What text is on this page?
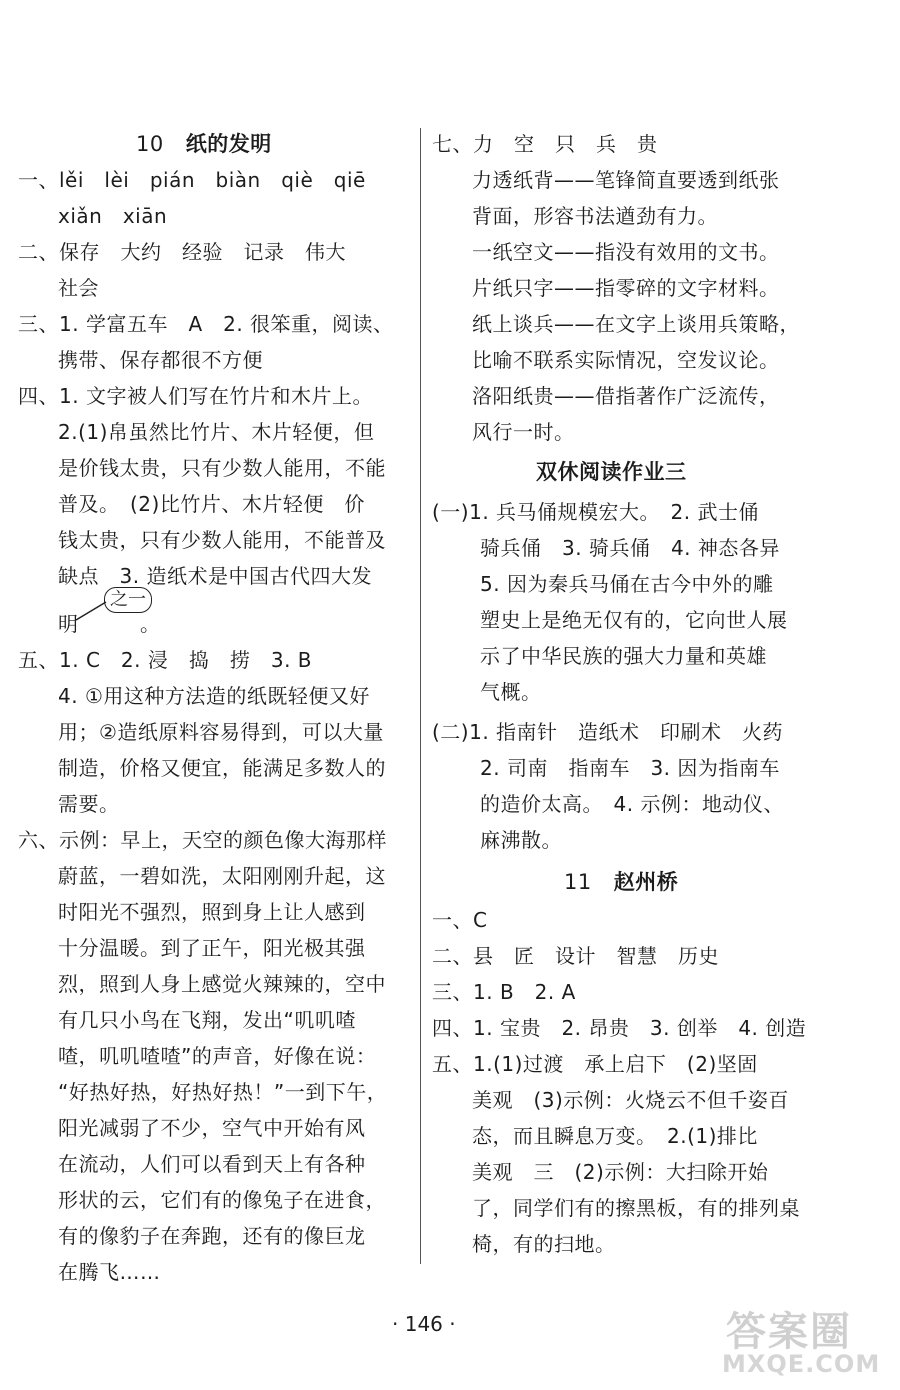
10 纸的发明
一、lěi　lèi　pián　biàn　qiè　qiē
xiǎn　xiān
二、保存　大约　经验　记录　伟大
社会
三、1. 学富五车　A　2. 很笨重，阅读、
携带、保存都很不方便
四、1. 文字被人们写在竹片和木片上。
2.(1)帛虽然比竹片、木片轻便，但
是价钱太贵，只有少数人能用，不能
普及。　(2)比竹片、木片轻便　价
钱太贵，只有少数人能用，不能普及
缺点　3. 造纸术是中国古代四大发
明　　　。
五、1. C　2. 浸　捣　捞　3. B
4. ①用这种方法造的纸既轻便又好
用；②造纸原料容易得到，可以大量
制造，价格又便宜，能满足多数人的
需要。
六、示例：早上，天空的颜色像大海那样
蔚蓝，一碧如洗，太阳刚刚升起，这
时阳光不强烈，照到身上让人感到
十分温暖。到了正午，阳光极其强
烈，照到人身上感觉火辣辣的，空中
有几只小鸟在飞翔，发出“叽叽喳
喳，叽叽喳喳”的声音，好像在说：
“好热好热，好热好热！”一到下午，
阳光减弱了不少，空气中开始有风
在流动，人们可以看到天上有各种
形状的云，它们有的像兔子在进食，
有的像豹子在奔跑，还有的像巨龙
在腾飞……
之一
七、力　空　只　兵　贵
力透纸背——笔锋简直要透到纸张
背面，形容书法遒劲有力。
一纸空文——指没有效用的文书。
片纸只字——指零碎的文字材料。
纸上谈兵——在文字上谈用兵策略，
比喻不联系实际情况，空发议论。
洛阳纸贵——借指著作广泛流传，
风行一时。
双休阅读作业三
(一)1. 兵马俑规模宏大。　2. 武士俑
骑兵俑　3. 骑兵俑　4. 神态各异
5. 因为秦兵马俑在古今中外的雕
塑史上是绝无仅有的，它向世人展
示了中华民族的强大力量和英雄
气概。
(二)1. 指南针　造纸术　印刷术　火药
2. 司南　指南车　3. 因为指南车
的造价太高。　4. 示例：地动仪、
麻沸散。
11 赵州桥
一、C
二、县　匠　设计　智慧　历史
三、1. B　2. A
四、1. 宝贵　2. 昂贵　3. 创举　4. 创造
五、1.(1)过渡　承上启下　(2)坚固
美观　(3)示例：火烧云不但千姿百
态，而且瞬息万变。　2.(1)排比
美观　三　(2)示例：大扫除开始
了，同学们有的擦黑板，有的排列桌
椅，有的扫地。
· 146 ·	答案圈
MXQE.COM
